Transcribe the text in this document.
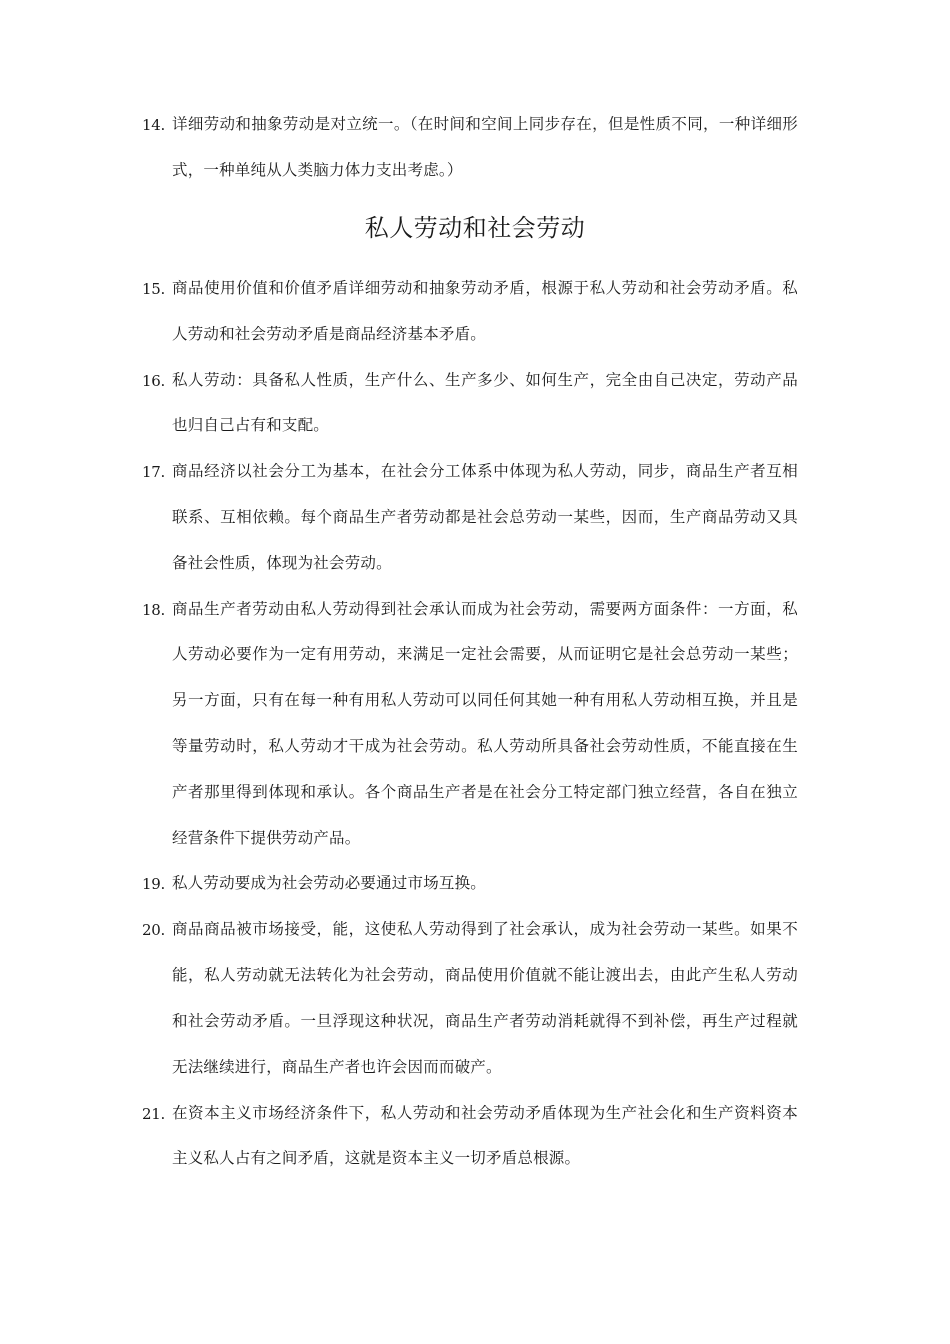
14. 详细劳动和抽象劳动是对立统一。（在时间和空间上同步存在，但是性质不同，一种详细形式，一种单纯从人类脑力体力支出考虑。）
私人劳动和社会劳动
15. 商品使用价值和价值矛盾详细劳动和抽象劳动矛盾，根源于私人劳动和社会劳动矛盾。私人劳动和社会劳动矛盾是商品经济基本矛盾。
16. 私人劳动：具备私人性质，生产什么、生产多少、如何生产，完全由自己决定，劳动产品也归自己占有和支配。
17. 商品经济以社会分工为基本，在社会分工体系中体现为私人劳动，同步，商品生产者互相联系、互相依赖。每个商品生产者劳动都是社会总劳动一某些，因而，生产商品劳动又具备社会性质，体现为社会劳动。
18. 商品生产者劳动由私人劳动得到社会承认而成为社会劳动，需要两方面条件：一方面，私人劳动必要作为一定有用劳动，来满足一定社会需要，从而证明它是社会总劳动一某些；另一方面，只有在每一种有用私人劳动可以同任何其她一种有用私人劳动相互换，并且是等量劳动时，私人劳动才干成为社会劳动。私人劳动所具备社会劳动性质，不能直接在生产者那里得到体现和承认。各个商品生产者是在社会分工特定部门独立经营，各自在独立经营条件下提供劳动产品。
19. 私人劳动要成为社会劳动必要通过市场互换。
20. 商品商品被市场接受，能，这使私人劳动得到了社会承认，成为社会劳动一某些。如果不能，私人劳动就无法转化为社会劳动，商品使用价值就不能让渡出去，由此产生私人劳动和社会劳动矛盾。一旦浮现这种状况，商品生产者劳动消耗就得不到补偿，再生产过程就无法继续进行，商品生产者也许会因而而破产。
21. 在资本主义市场经济条件下，私人劳动和社会劳动矛盾体现为生产社会化和生产资料资本主义私人占有之间矛盾，这就是资本主义一切矛盾总根源。
